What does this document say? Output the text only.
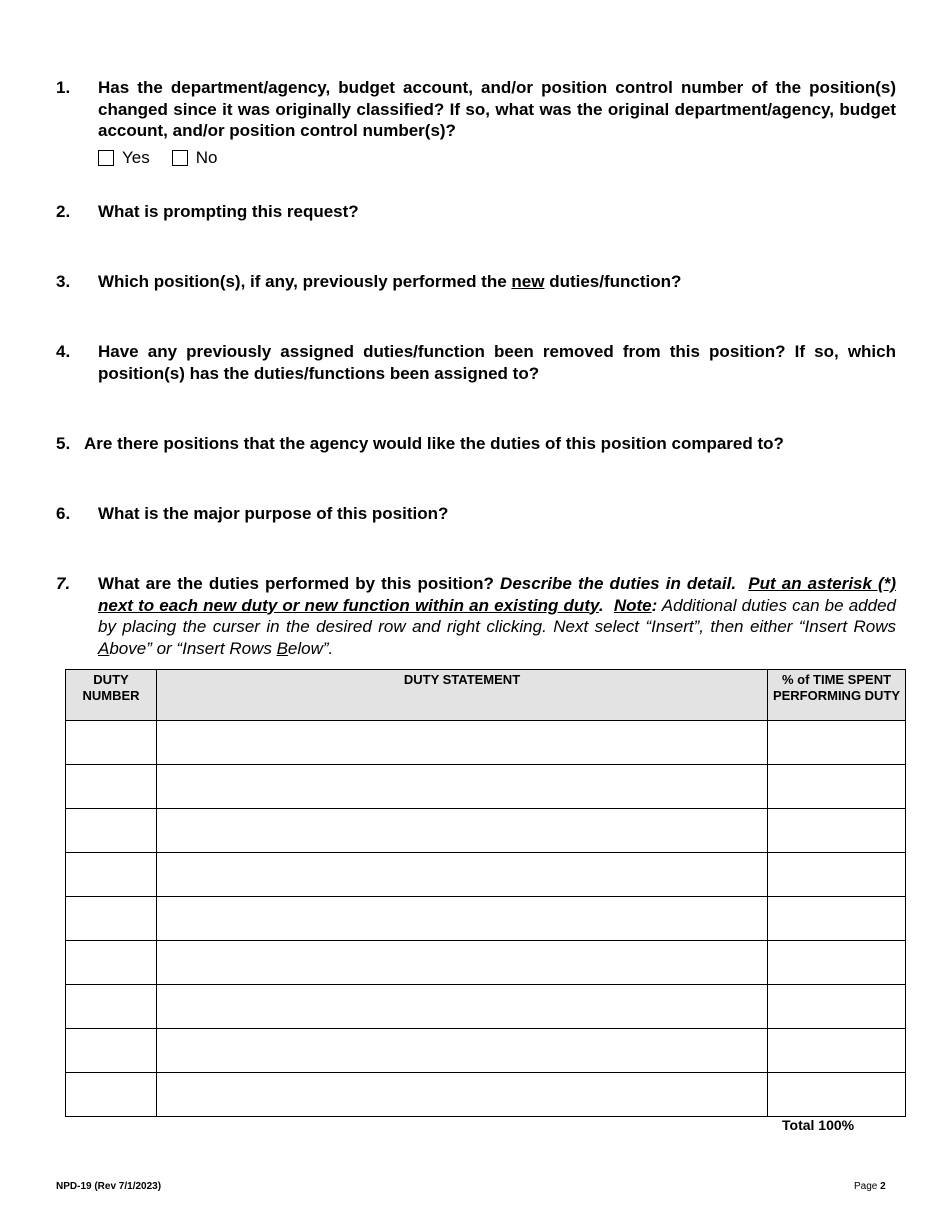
1. Has the department/agency, budget account, and/or position control number of the position(s) changed since it was originally classified? If so, what was the original department/agency, budget account, and/or position control number(s)?
Yes	No
2. What is prompting this request?
3. Which position(s), if any, previously performed the new duties/function?
4. Have any previously assigned duties/function been removed from this position? If so, which position(s) has the duties/functions been assigned to?
5. Are there positions that the agency would like the duties of this position compared to?
6. What is the major purpose of this position?
7. What are the duties performed by this position? Describe the duties in detail. Put an asterisk (*) next to each new duty or new function within an existing duty. Note: Additional duties can be added by placing the curser in the desired row and right clicking. Next select “Insert”, then either “Insert Rows Above” or “Insert Rows Below”.
DUTY NUMBER	DUTY STATEMENT	% of TIME SPENT PERFORMING DUTY

Total 100%
NPD-19 (Rev 7/1/2023)	Page 2
